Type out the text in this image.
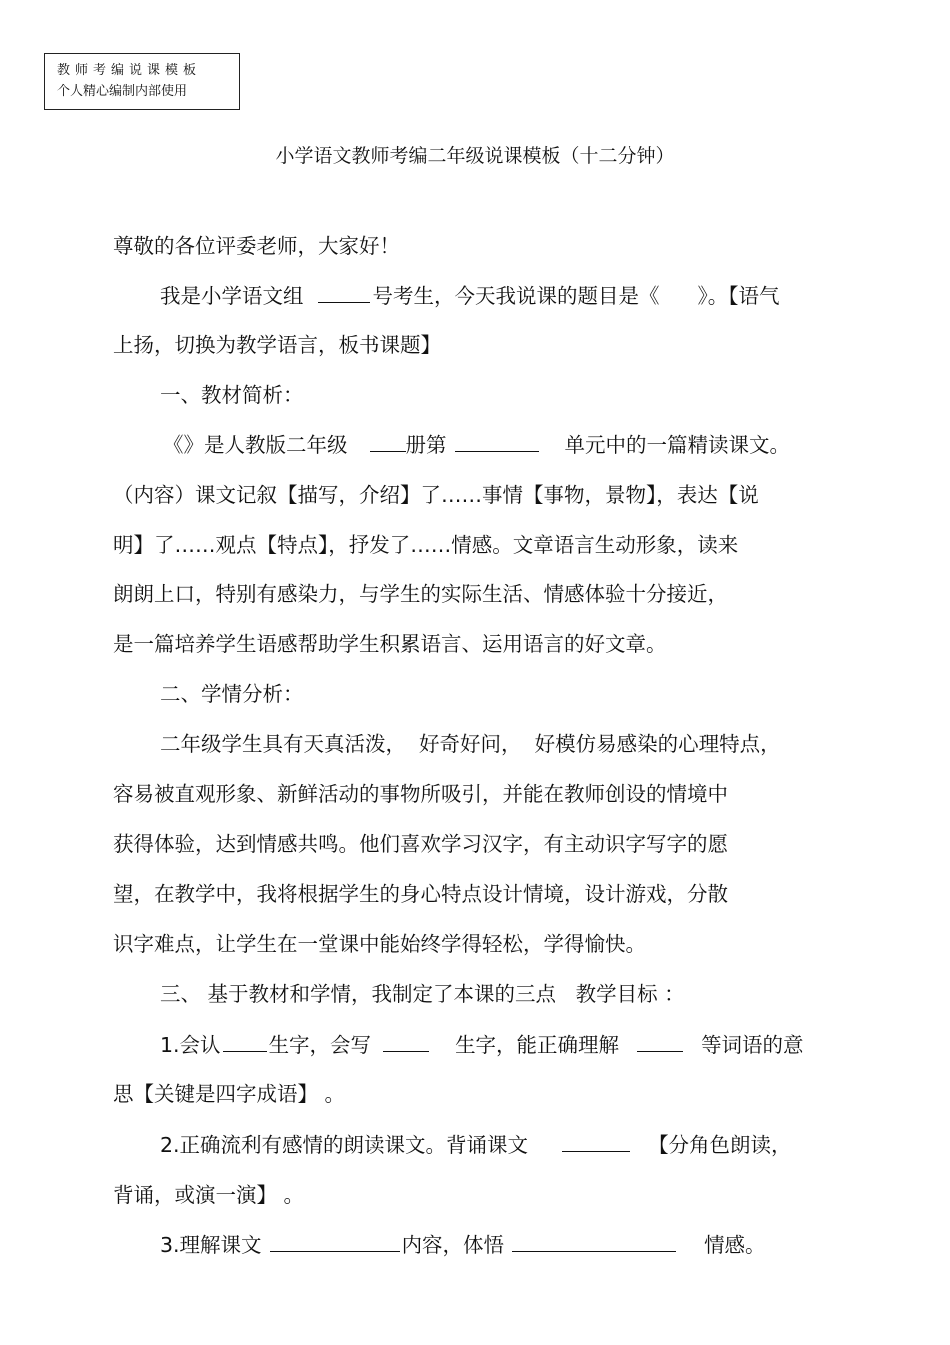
教师考编说课模板
个人精心编制内部使用
小学语文教师考编二年级说课模板（十二分钟）
尊敬的各位评委老师，大家好！
我是小学语文组	号考生，今天我说课的题目是《 》。【语气
上扬，切换为教学语言，板书课题】
一、教材简析：
《》是人教版二年级	册第	单元中的一篇精读课文。
（内容）课文记叙【描写，介绍】了……事情【事物，景物】，表达【说
明】了……观点【特点】，抒发了……情感。文章语言生动形象，读来
朗朗上口，特别有感染力，与学生的实际生活、情感体验十分接近，
是一篇培养学生语感帮助学生积累语言、运用语言的好文章。
二、学情分析：
二年级学生具有天真活泼，  好奇好问，  好模仿易感染的心理特点，
容易被直观形象、新鲜活动的事物所吸引，并能在教师创设的情境中
获得体验，达到情感共鸣。他们喜欢学习汉字，有主动识字写字的愿
望，在教学中，我将根据学生的身心特点设计情境，设计游戏，分散
识字难点，让学生在一堂课中能始终学得轻松，学得愉快。
三、 基于教材和学情，我制定了本课的三点   教学目标 ：
1.会认 生字，会写	生字，能正确理解	等词语的意
思【关键是四字成语】 。
2.正确流利有感情的朗读课文。背诵课文	【分角色朗读，
背诵，或演一演】 。
3.理解课文	内容，体悟	情感。
